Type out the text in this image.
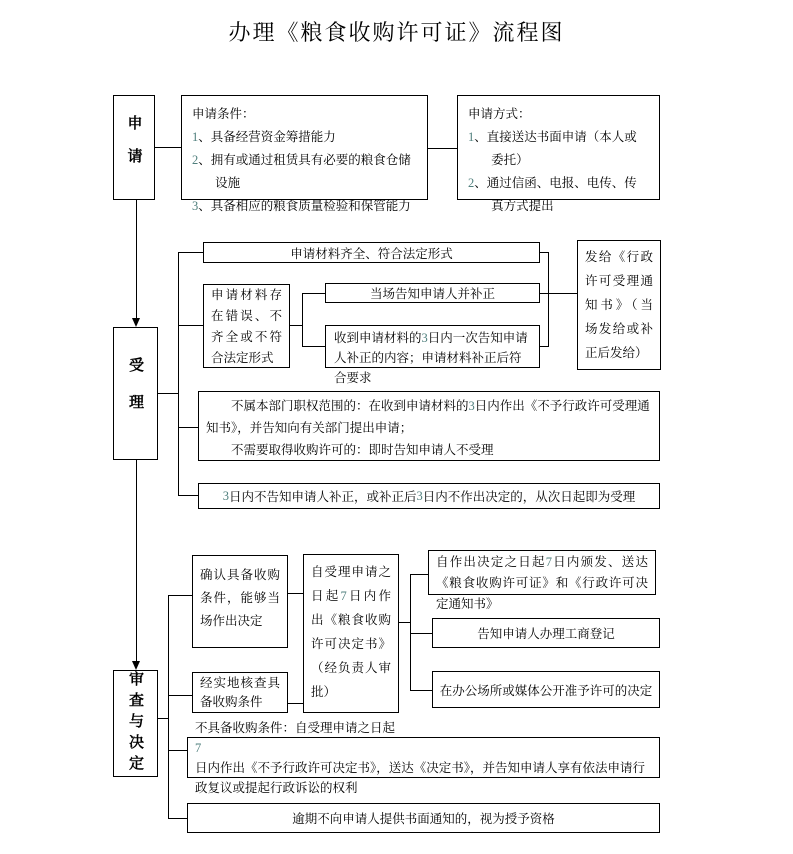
办理《粮食收购许可证》流程图
申请
申请条件：
1、具备经营资金筹措能力
2、拥有或通过租赁具有必要的粮食仓储设施
3、具备相应的粮食质量检验和保管能力
申请方式：
1、直接送达书面申请（本人或委托）
2、通过信函、电报、电传、传真方式提出
受理
申请材料齐全、符合法定形式
申请材料存在错误、不齐全或不符合法定形式
当场告知申请人并补正
收到申请材料的3日内一次告知申请人补正的内容；申请材料补正后符合要求
发给《行政许可受理通知书》（当场发给或补正后发给）
不属本部门职权范围的：在收到申请材料的3日内作出《不予行政许可受理通知书》，并告知向有关部门提出申请；
不需要取得收购许可的：即时告知申请人不受理
3 日内不告知申请人补正，或补正后 3 日内不作出决定的，从次日起即为受理
审查与决定
确认具备收购条件，能够当场作出决定
经实地核查具备收购条件
自受理申请之日起7日内作出《粮食收购许可决定书》（经负责人审批）
自作出决定之日起7日内颁发、送达《粮食收购许可证》和《行政许可决定通知书》
告知申请人办理工商登记
在办公场所或媒体公开准予许可的决定
不具备收购条件：自受理申请之日起
7
日内作出《不予行政许可决定书》，送达《决定书》，并告知申请人享有依法申请行政复议或提起行政诉讼的权利
逾期不向申请人提供书面通知的，视为授予资格
